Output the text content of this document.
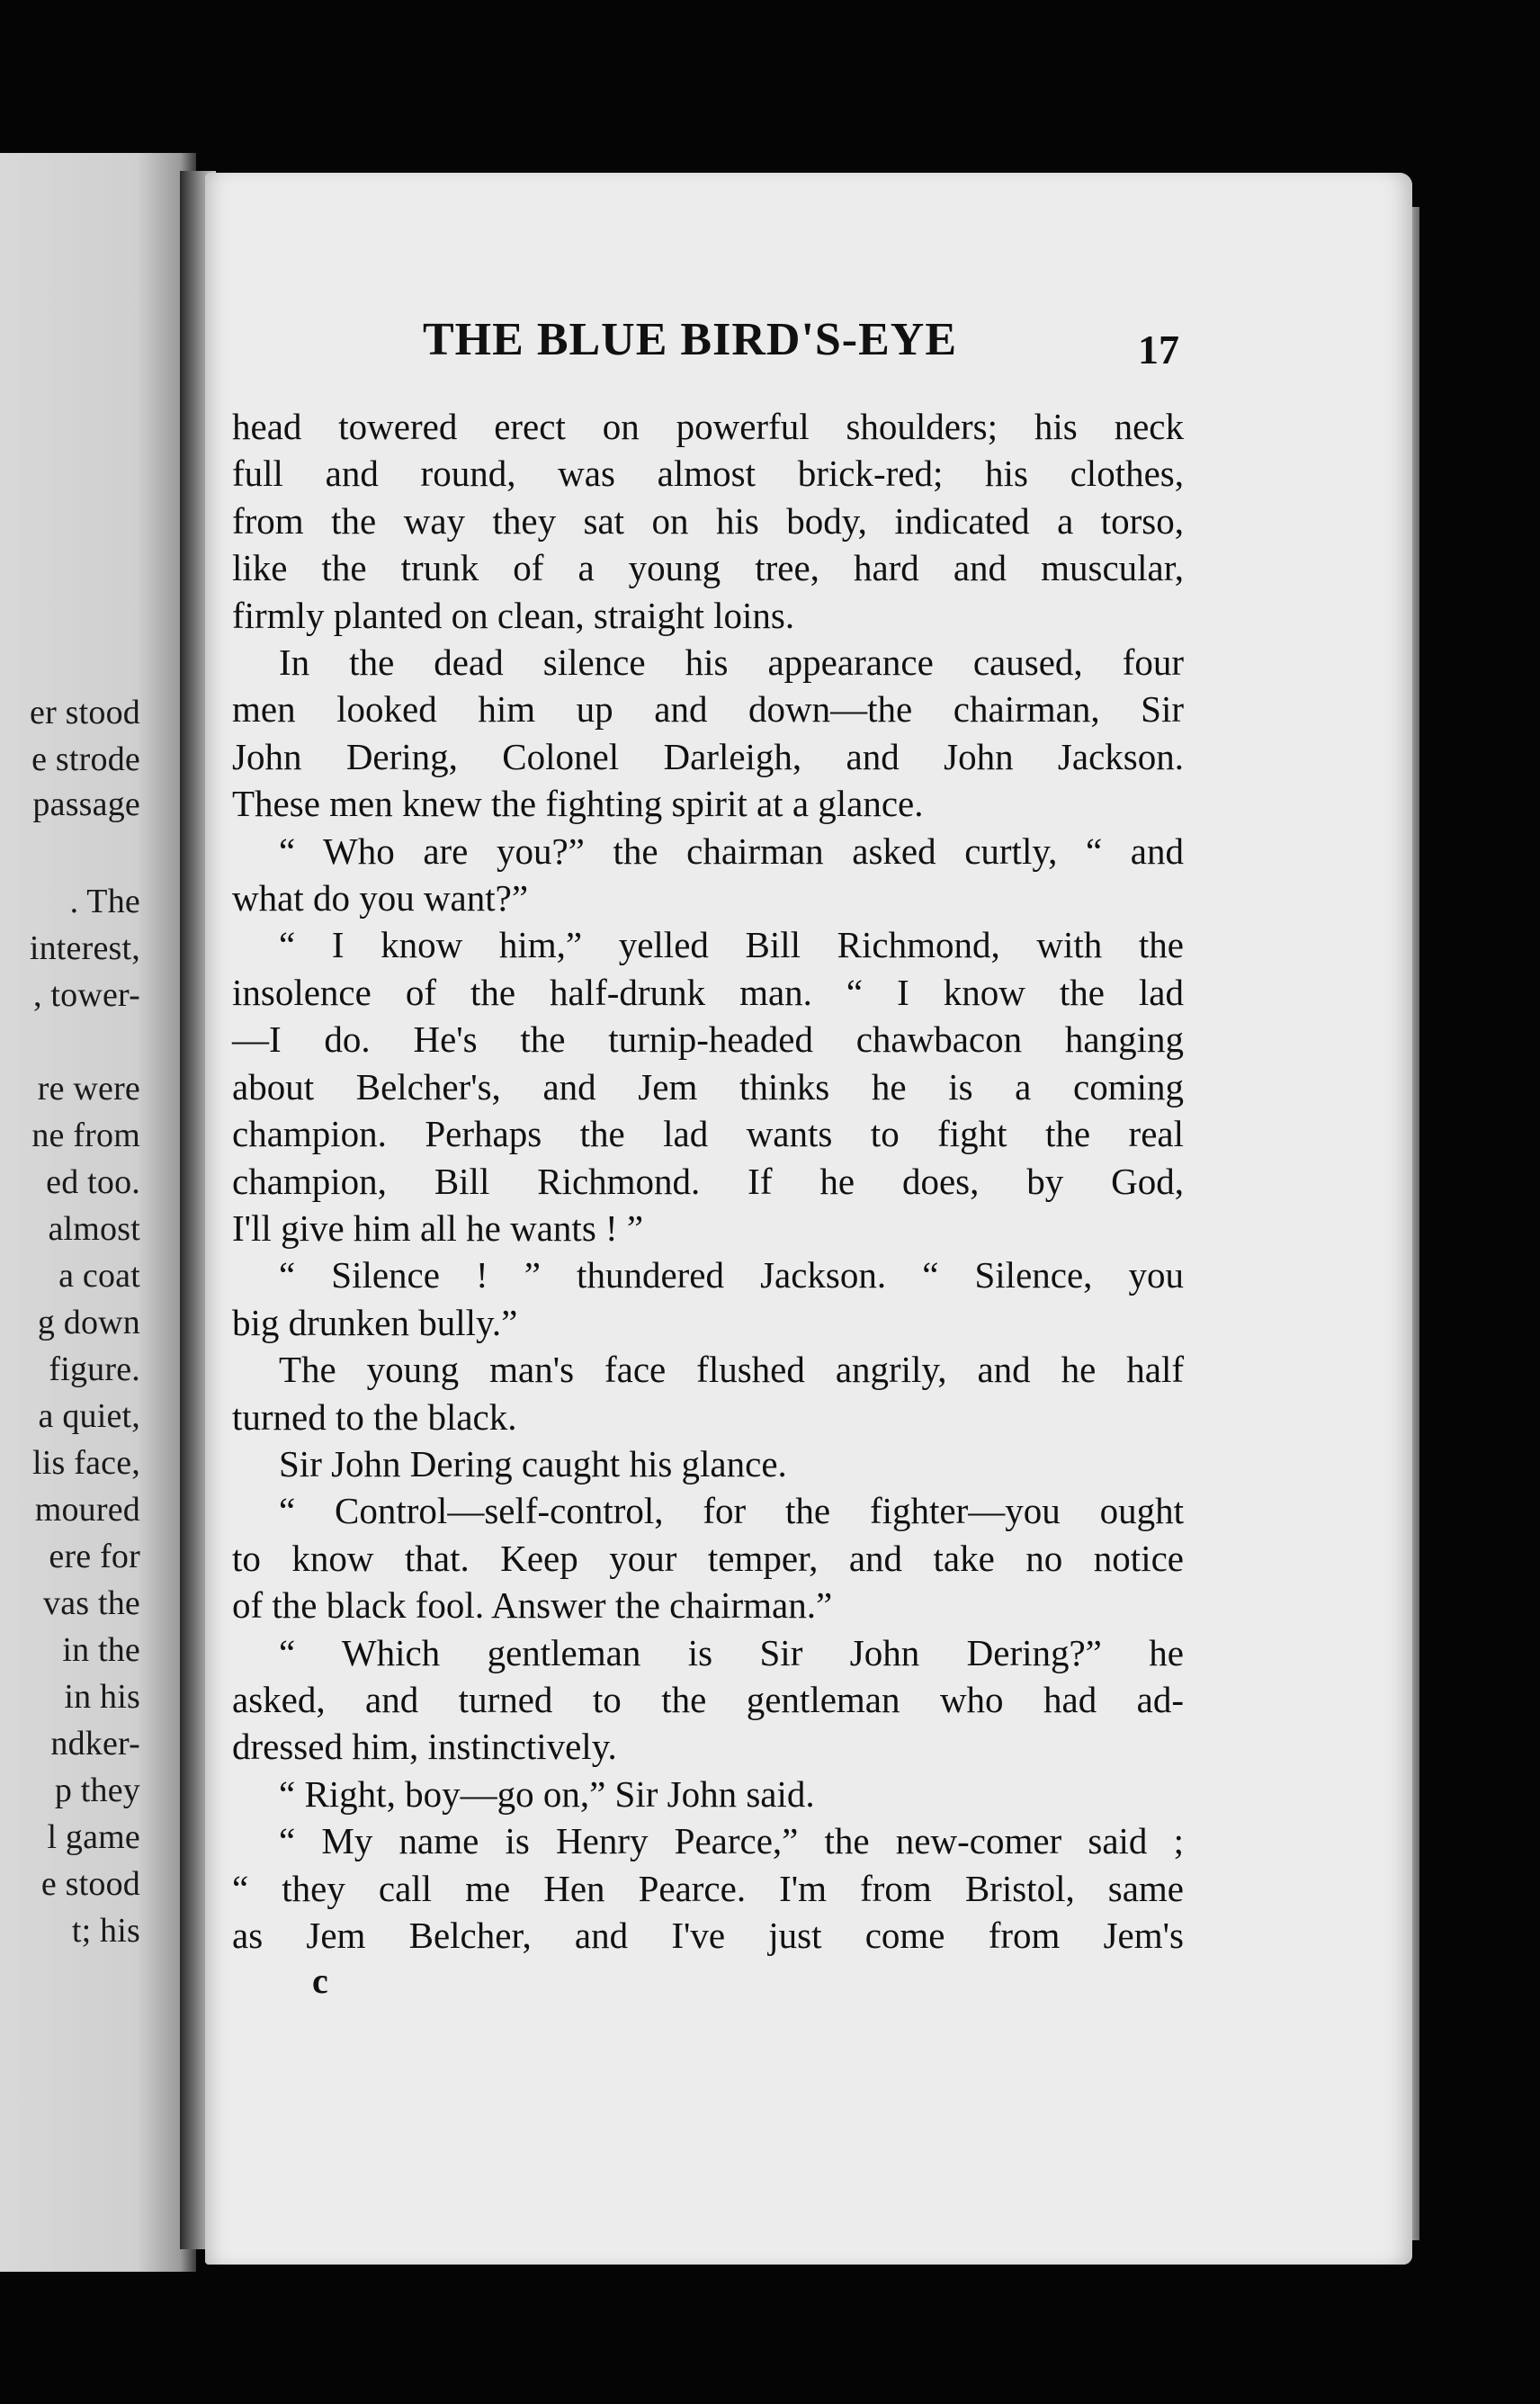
er stood
e strode
passage
. The
interest,
, tower-
re were
ne from
ed too.
almost
a coat
g down
figure.
a quiet,
lis face,
moured
ere for
vas the
in the
in his
ndker-
p they
l game
e stood
t; his
THE BLUE BIRD'S-EYE	17
head towered erect on powerful shoulders; his neck
full and round, was almost brick-red; his clothes,
from the way they sat on his body, indicated a torso,
like the trunk of a young tree, hard and muscular,
firmly planted on clean, straight loins.
In the dead silence his appearance caused, four
men looked him up and down—the chairman, Sir
John Dering, Colonel Darleigh, and John Jackson.
These men knew the fighting spirit at a glance.
“ Who are you?” the chairman asked curtly, “ and
what do you want?”
“ I know him,” yelled Bill Richmond, with the
insolence of the half-drunk man. “ I know the lad
—I do. He's the turnip-headed chawbacon hanging
about Belcher's, and Jem thinks he is a coming
champion. Perhaps the lad wants to fight the real
champion, Bill Richmond. If he does, by God,
I'll give him all he wants ! ”
“ Silence ! ” thundered Jackson. “ Silence, you
big drunken bully.”
The young man's face flushed angrily, and he half
turned to the black.
Sir John Dering caught his glance.
“ Control—self-control, for the fighter—you ought
to know that. Keep your temper, and take no notice
of the black fool. Answer the chairman.”
“ Which gentleman is Sir John Dering?” he
asked, and turned to the gentleman who had ad-
dressed him, instinctively.
“ Right, boy—go on,” Sir John said.
“ My name is Henry Pearce,” the new-comer said ;
“ they call me Hen Pearce. I'm from Bristol, same
as Jem Belcher, and I've just come from Jem's
c
